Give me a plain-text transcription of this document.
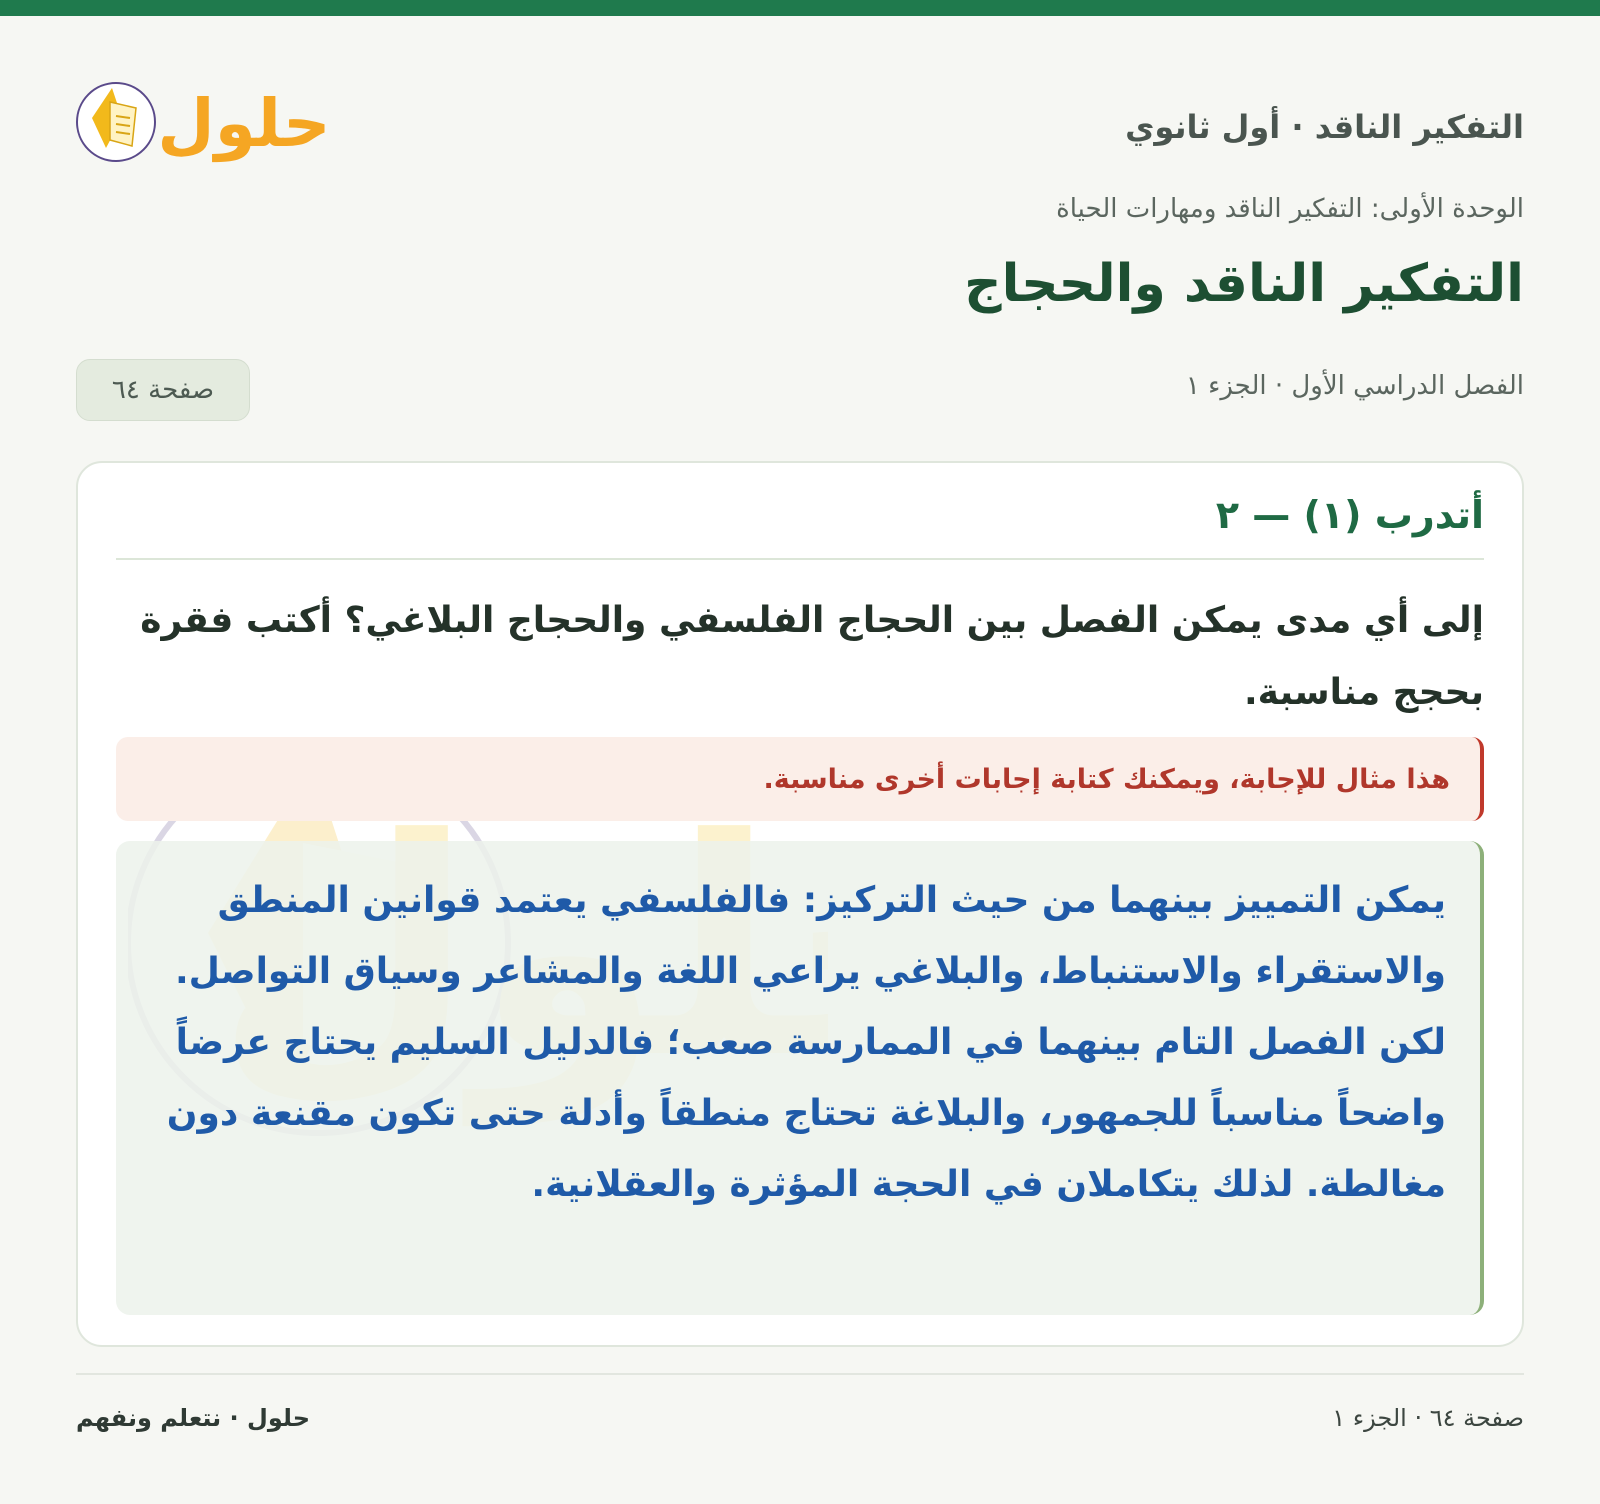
التفكير الناقد · أول ثانوي
حلول
الوحدة الأولى: التفكير الناقد ومهارات الحياة
التفكير الناقد والحجاج
الفصل الدراسي الأول · الجزء ١
صفحة ٦٤
أتدرب (١) — ٢

إلى أي مدى يمكن الفصل بين الحجاج الفلسفي والحجاج البلاغي؟ أكتب فقرة بحجج مناسبة.

هذا مثال للإجابة، ويمكنك كتابة إجابات أخرى مناسبة.

يمكن التمييز بينهما من حيث التركيز: فالفلسفي يعتمد قوانين المنطق والاستقراء والاستنباط، والبلاغي يراعي اللغة والمشاعر وسياق التواصل. لكن الفصل التام بينهما في الممارسة صعب؛ فالدليل السليم يحتاج عرضاً واضحاً مناسباً للجمهور، والبلاغة تحتاج منطقاً وأدلة حتى تكون مقنعة دون مغالطة. لذلك يتكاملان في الحجة المؤثرة والعقلانية.

صفحة ٦٤ · الجزء ١
حلول · نتعلم ونفهم
